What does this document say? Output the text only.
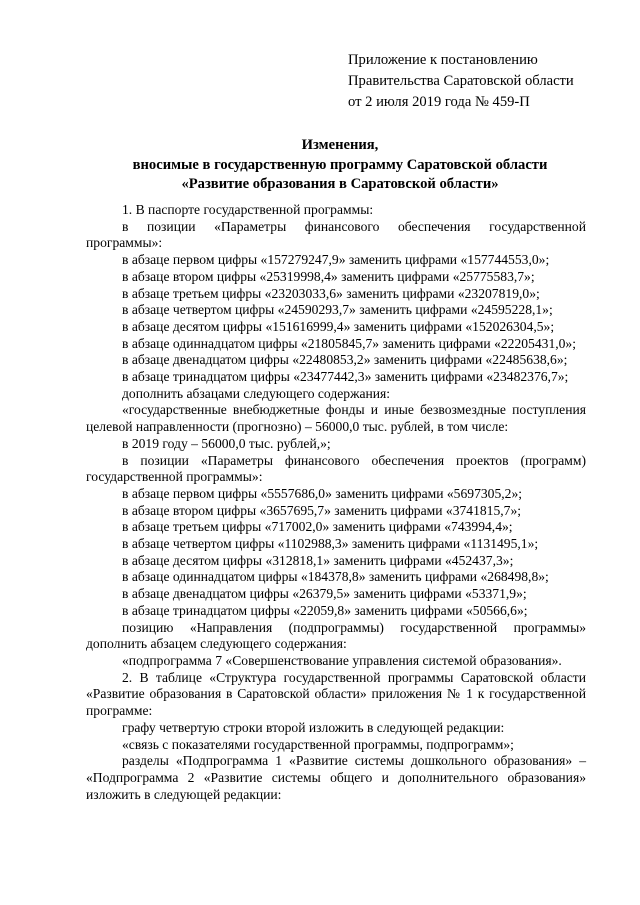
Приложение к постановлению
Правительства Саратовской области
от 2 июля 2019 года № 459-П
Изменения,
вносимые в государственную программу Саратовской области
«Развитие образования в Саратовской области»

1. В паспорте государственной программы:

в позиции «Параметры финансового обеспечения государственной программы»:

в абзаце первом цифры «157279247,9» заменить цифрами «157744553,0»;

в абзаце втором цифры «25319998,4» заменить цифрами «25775583,7»;

в абзаце третьем цифры «23203033,6» заменить цифрами «23207819,0»;

в абзаце четвертом цифры «24590293,7» заменить цифрами «24595228,1»;

в абзаце десятом цифры «151616999,4» заменить цифрами «152026304,5»;

в абзаце одиннадцатом цифры «21805845,7» заменить цифрами «22205431,0»;

в абзаце двенадцатом цифры «22480853,2» заменить цифрами «22485638,6»;

в абзаце тринадцатом цифры «23477442,3» заменить цифрами «23482376,7»;

дополнить абзацами следующего содержания:

«государственные внебюджетные фонды и иные безвозмездные поступления целевой направленности (прогнозно) – 56000,0 тыс. рублей, в том числе:

в 2019 году – 56000,0 тыс. рублей,»;

в позиции «Параметры финансового обеспечения проектов (программ) государственной программы»:

в абзаце первом цифры «5557686,0» заменить цифрами «5697305,2»;

в абзаце втором цифры «3657695,7» заменить цифрами «3741815,7»;

в абзаце третьем цифры «717002,0» заменить цифрами «743994,4»;

в абзаце четвертом цифры «1102988,3» заменить цифрами «1131495,1»;

в абзаце десятом цифры «312818,1» заменить цифрами «452437,3»;

в абзаце одиннадцатом цифры «184378,8» заменить цифрами «268498,8»;

в абзаце двенадцатом цифры «26379,5» заменить цифрами «53371,9»;

в абзаце тринадцатом цифры «22059,8» заменить цифрами «50566,6»;

позицию «Направления (подпрограммы) государственной программы» дополнить абзацем следующего содержания:

«подпрограмма 7 «Совершенствование управления системой образования».

2. В таблице «Структура государственной программы Саратовской области «Развитие образования в Саратовской области» приложения № 1 к государственной программе:

графу четвертую строки второй изложить в следующей редакции:

«связь с показателями государственной программы, подпрограмм»;

разделы «Подпрограмма 1 «Развитие системы дошкольного образования» – «Подпрограмма 2 «Развитие системы общего и дополнительного образования» изложить в следующей редакции:
